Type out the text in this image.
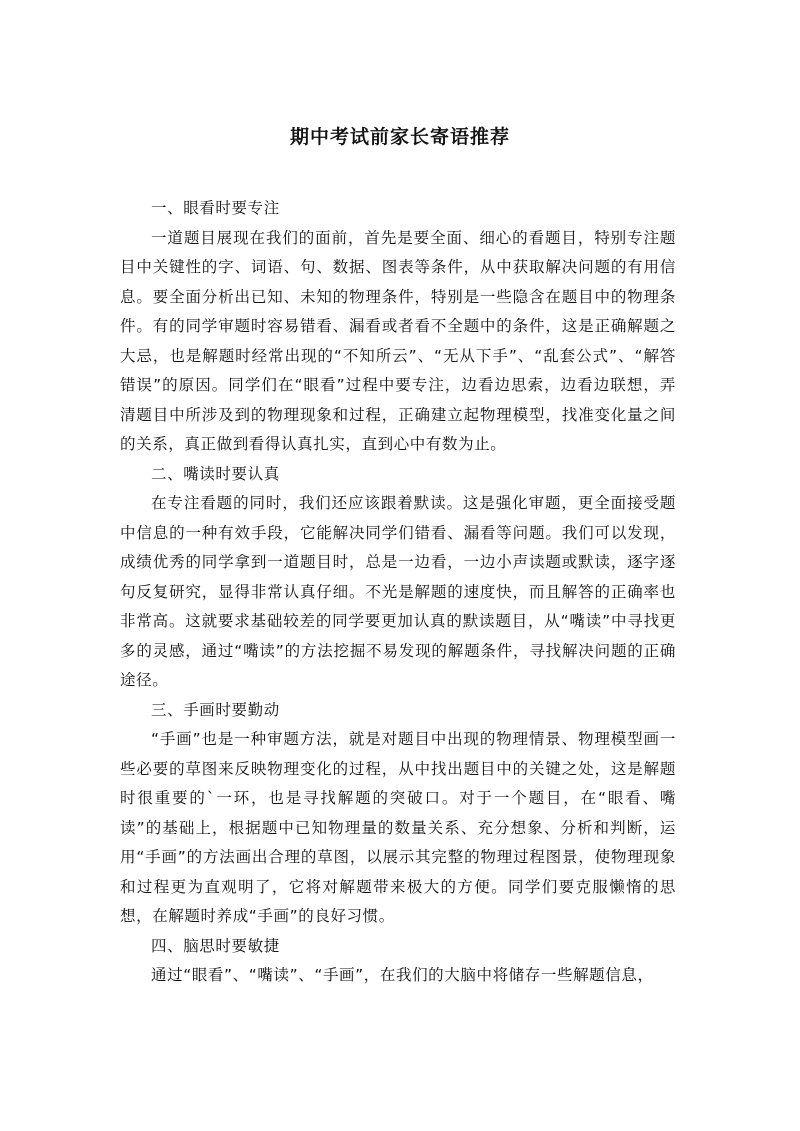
期中考试前家长寄语推荐

一、眼看时要专注

一道题目展现在我们的面前，首先是要全面、细心的看题目，特别专注题目中关键性的字、词语、句、数据、图表等条件，从中获取解决问题的有用信息。要全面分析出已知、未知的物理条件，特别是一些隐含在题目中的物理条件。有的同学审题时容易错看、漏看或者看不全题中的条件，这是正确解题之大忌，也是解题时经常出现的“不知所云”、“无从下手”、“乱套公式”、“解答错误”的原因。同学们在“眼看”过程中要专注，边看边思索，边看边联想，弄清题目中所涉及到的物理现象和过程，正确建立起物理模型，找准变化量之间的关系，真正做到看得认真扎实，直到心中有数为止。

二、嘴读时要认真

在专注看题的同时，我们还应该跟着默读。这是强化审题，更全面接受题中信息的一种有效手段，它能解决同学们错看、漏看等问题。我们可以发现，成绩优秀的同学拿到一道题目时，总是一边看，一边小声读题或默读，逐字逐句反复研究，显得非常认真仔细。不光是解题的速度快，而且解答的正确率也非常高。这就要求基础较差的同学要更加认真的默读题目，从“嘴读”中寻找更多的灵感，通过“嘴读”的方法挖掘不易发现的解题条件，寻找解决问题的正确途径。

三、手画时要勤动

“手画”也是一种审题方法，就是对题目中出现的物理情景、物理模型画一些必要的草图来反映物理变化的过程，从中找出题目中的关键之处，这是解题时很重要的`一环，也是寻找解题的突破口。对于一个题目，在“眼看、嘴读”的基础上，根据题中已知物理量的数量关系、充分想象、分析和判断，运用“手画”的方法画出合理的草图，以展示其完整的物理过程图景，使物理现象和过程更为直观明了，它将对解题带来极大的方便。同学们要克服懒惰的思想，在解题时养成“手画”的良好习惯。

四、脑思时要敏捷

通过“眼看”、“嘴读”、“手画”，在我们的大脑中将储存一些解题信息，
